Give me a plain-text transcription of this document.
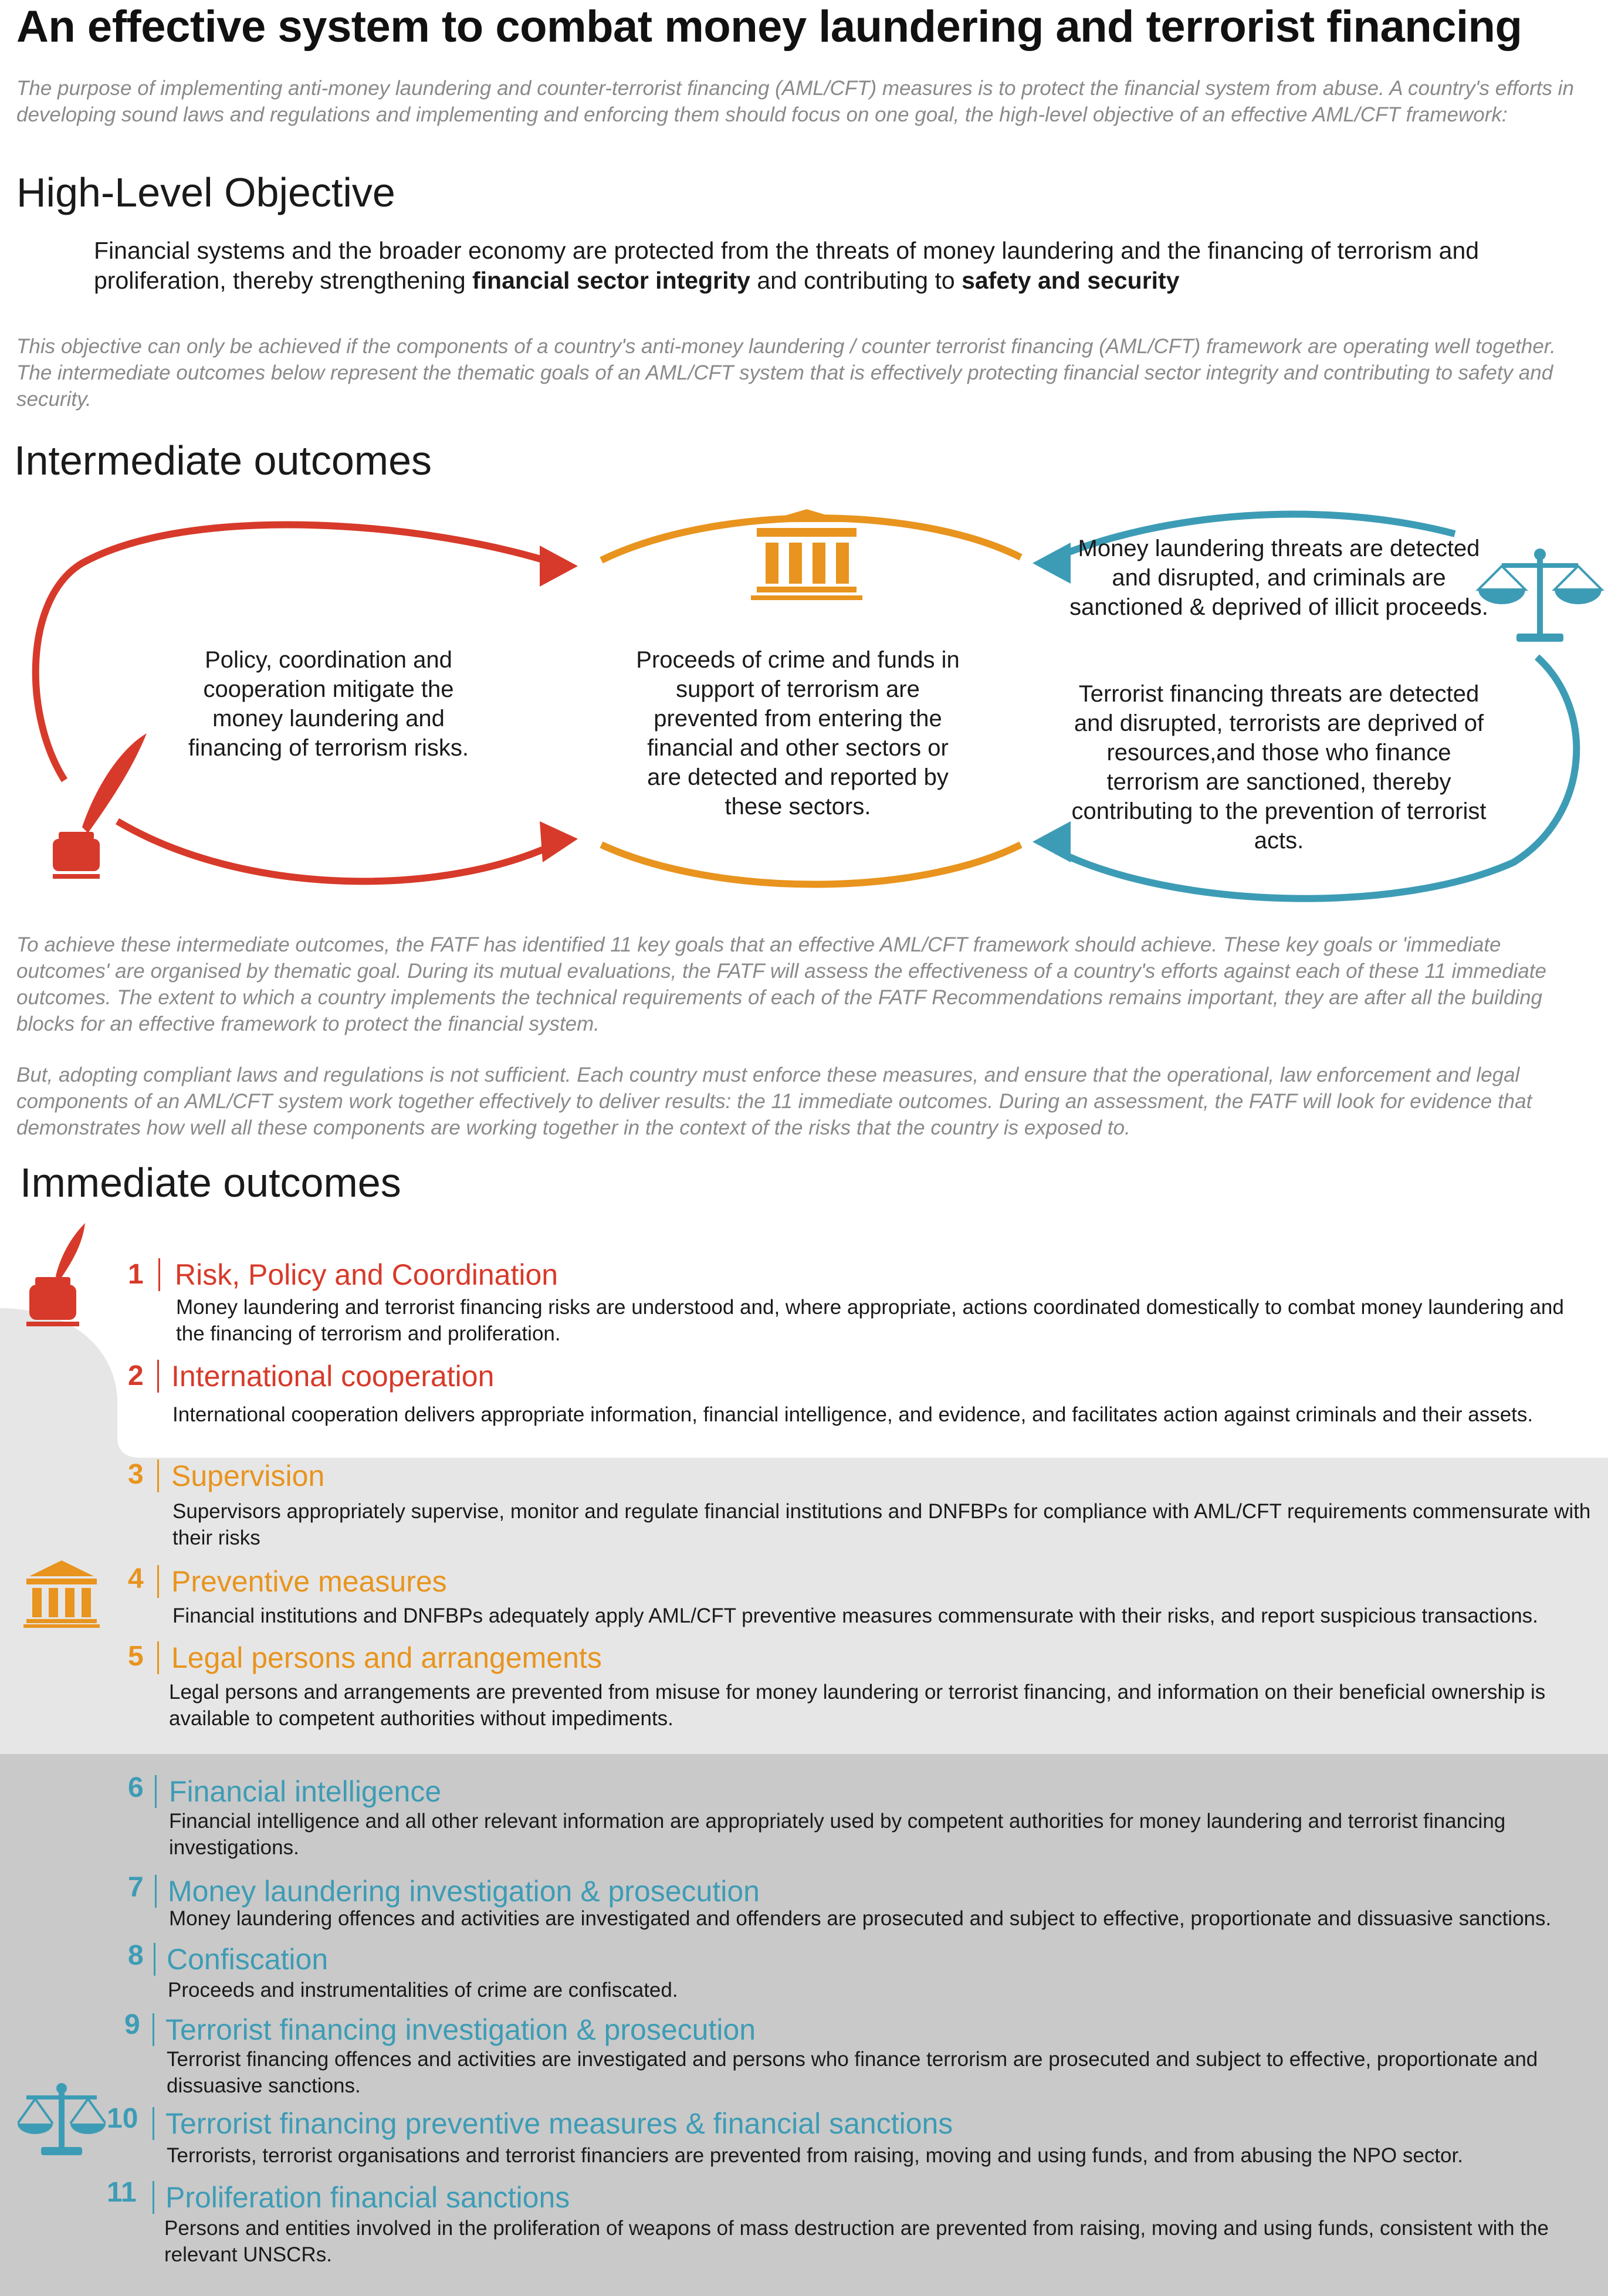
An effective system to combat money laundering and terrorist financing
The purpose of implementing anti-money laundering and counter-terrorist financing (AML/CFT) measures is to protect the financial system from abuse. A country's efforts in developing sound laws and regulations and implementing and enforcing them should focus on one goal, the high-level objective of an effective AML/CFT framework:
High-Level Objective
Financial systems and the broader economy are protected from the threats of money laundering and the financing of terrorism and proliferation, thereby strengthening financial sector integrity and contributing to safety and security
This objective can only be achieved if the components of a country's anti-money laundering / counter terrorist financing (AML/CFT) framework are operating well together. The intermediate outcomes below represent the thematic goals of an AML/CFT system that is effectively protecting financial sector integrity and contributing to safety and security.
Intermediate outcomes
Policy, coordination and cooperation mitigate the money laundering and financing of terrorism risks.
Proceeds of crime and funds in support of terrorism are prevented from entering the financial and other sectors or are detected and reported by these sectors.
Money laundering threats are detected and disrupted, and criminals are sanctioned & deprived of illicit proceeds.
Terrorist financing threats are detected and disrupted, terrorists are deprived of resources,and those who finance terrorism are sanctioned, thereby contributing to the prevention of terrorist acts.
To achieve these intermediate outcomes, the FATF has identified 11 key goals that an effective AML/CFT framework should achieve. These key goals or 'immediate outcomes' are organised by thematic goal. During its mutual evaluations, the FATF will assess the effectiveness of a country's efforts against each of these 11 immediate outcomes. The extent to which a country implements the technical requirements of each of the FATF Recommendations remains important, they are after all the building blocks for an effective framework to protect the financial system.
But, adopting compliant laws and regulations is not sufficient. Each country must enforce these measures, and ensure that the operational, law enforcement and legal components of an AML/CFT system work together effectively to deliver results: the 11 immediate outcomes. During an assessment, the FATF will look for evidence that demonstrates how well all these components are working together in the context of the risks that the country is exposed to.
Immediate outcomes
1 Risk, Policy and Coordination
Money laundering and terrorist financing risks are understood and, where appropriate, actions coordinated domestically to combat money laundering and the financing of terrorism and proliferation.
2 International cooperation
International cooperation delivers appropriate information, financial intelligence, and evidence, and facilitates action against criminals and their assets.
3 Supervision
Supervisors appropriately supervise, monitor and regulate financial institutions and DNFBPs for compliance with AML/CFT requirements commensurate with their risks
4 Preventive measures
Financial institutions and DNFBPs adequately apply AML/CFT preventive measures commensurate with their risks, and report suspicious transactions.
5 Legal persons and arrangements
Legal persons and arrangements are prevented from misuse for money laundering or terrorist financing, and information on their beneficial ownership is available to competent authorities without impediments.
6 Financial intelligence
Financial intelligence and all other relevant information are appropriately used by competent authorities for money laundering and terrorist financing investigations.
7 Money laundering investigation & prosecution
Money laundering offences and activities are investigated and offenders are prosecuted and subject to effective, proportionate and dissuasive sanctions.
8 Confiscation
Proceeds and instrumentalities of crime are confiscated.
9 Terrorist financing investigation & prosecution
Terrorist financing offences and activities are investigated and persons who finance terrorism are prosecuted and subject to effective, proportionate and dissuasive sanctions.
10 Terrorist financing preventive measures & financial sanctions
Terrorists, terrorist organisations and terrorist financiers are prevented from raising, moving and using funds, and from abusing the NPO sector.
11 Proliferation financial sanctions
Persons and entities involved in the proliferation of weapons of mass destruction are prevented from raising, moving and using funds, consistent with the relevant UNSCRs.
